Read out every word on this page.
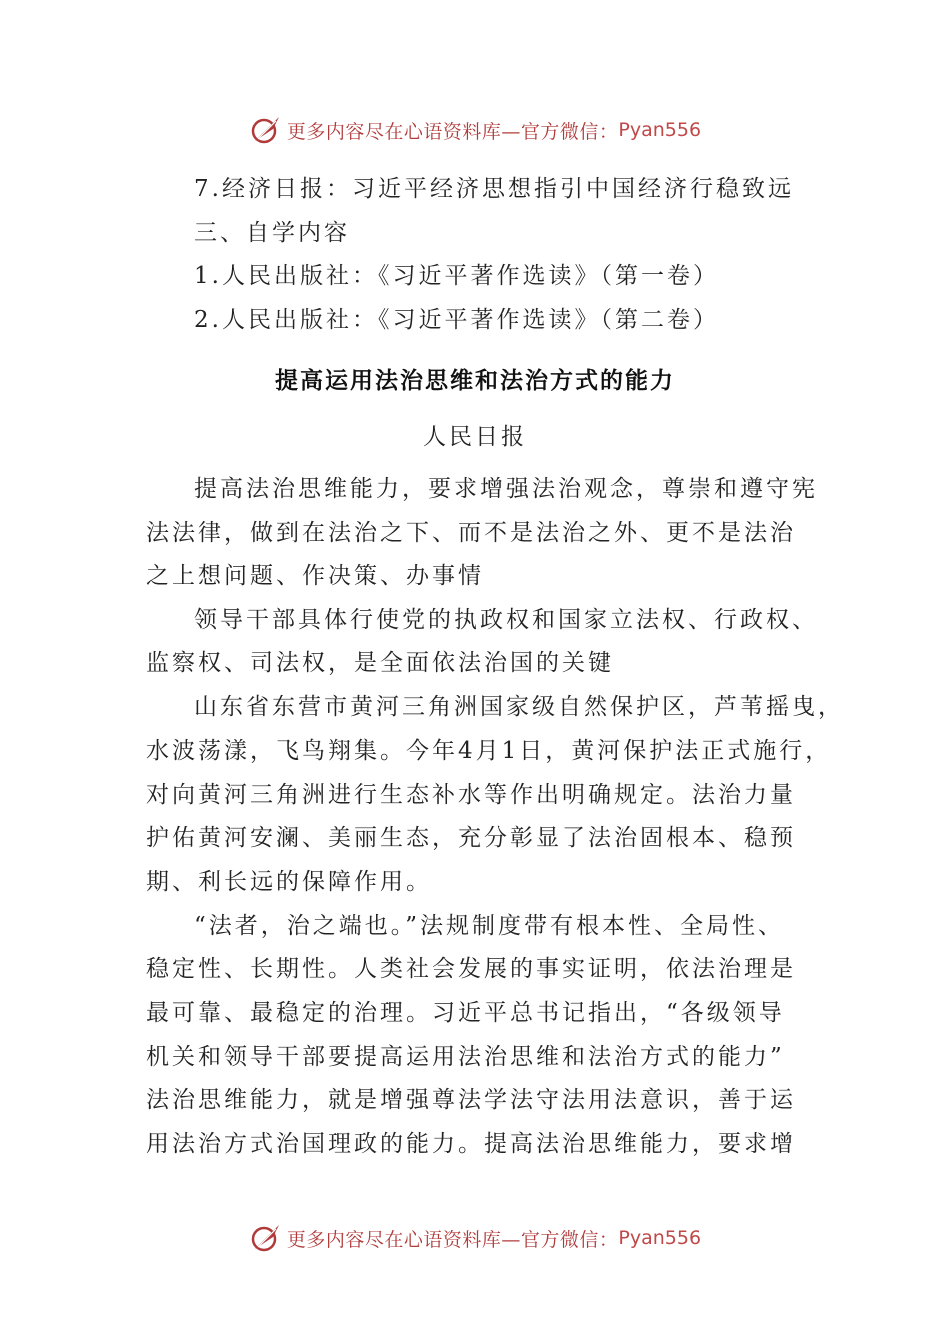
更多内容尽在心语资料库—官方微信： Pyan556
7.经济日报：习近平经济思想指引中国经济行稳致远
三、自学内容
1.人民出版社：《习近平著作选读》（第一卷）
2.人民出版社：《习近平著作选读》（第二卷）
提高运用法治思维和法治方式的能力
人民日报
提高法治思维能力，要求增强法治观念，尊崇和遵守宪
法法律，做到在法治之下、而不是法治之外、更不是法治
之上想问题、作决策、办事情
领导干部具体行使党的执政权和国家立法权、行政权、
监察权、司法权，是全面依法治国的关键
山东省东营市黄河三角洲国家级自然保护区，芦苇摇曳，
水波荡漾，飞鸟翔集。今年4月1日，黄河保护法正式施行，
对向黄河三角洲进行生态补水等作出明确规定。法治力量
护佑黄河安澜、美丽生态，充分彰显了法治固根本、稳预
期、利长远的保障作用。
“法者，治之端也。”法规制度带有根本性、全局性、
稳定性、长期性。人类社会发展的事实证明，依法治理是
最可靠、最稳定的治理。习近平总书记指出，“各级领导
机关和领导干部要提高运用法治思维和法治方式的能力”
法治思维能力，就是增强尊法学法守法用法意识，善于运
用法治方式治国理政的能力。提高法治思维能力，要求增
更多内容尽在心语资料库—官方微信： Pyan556
